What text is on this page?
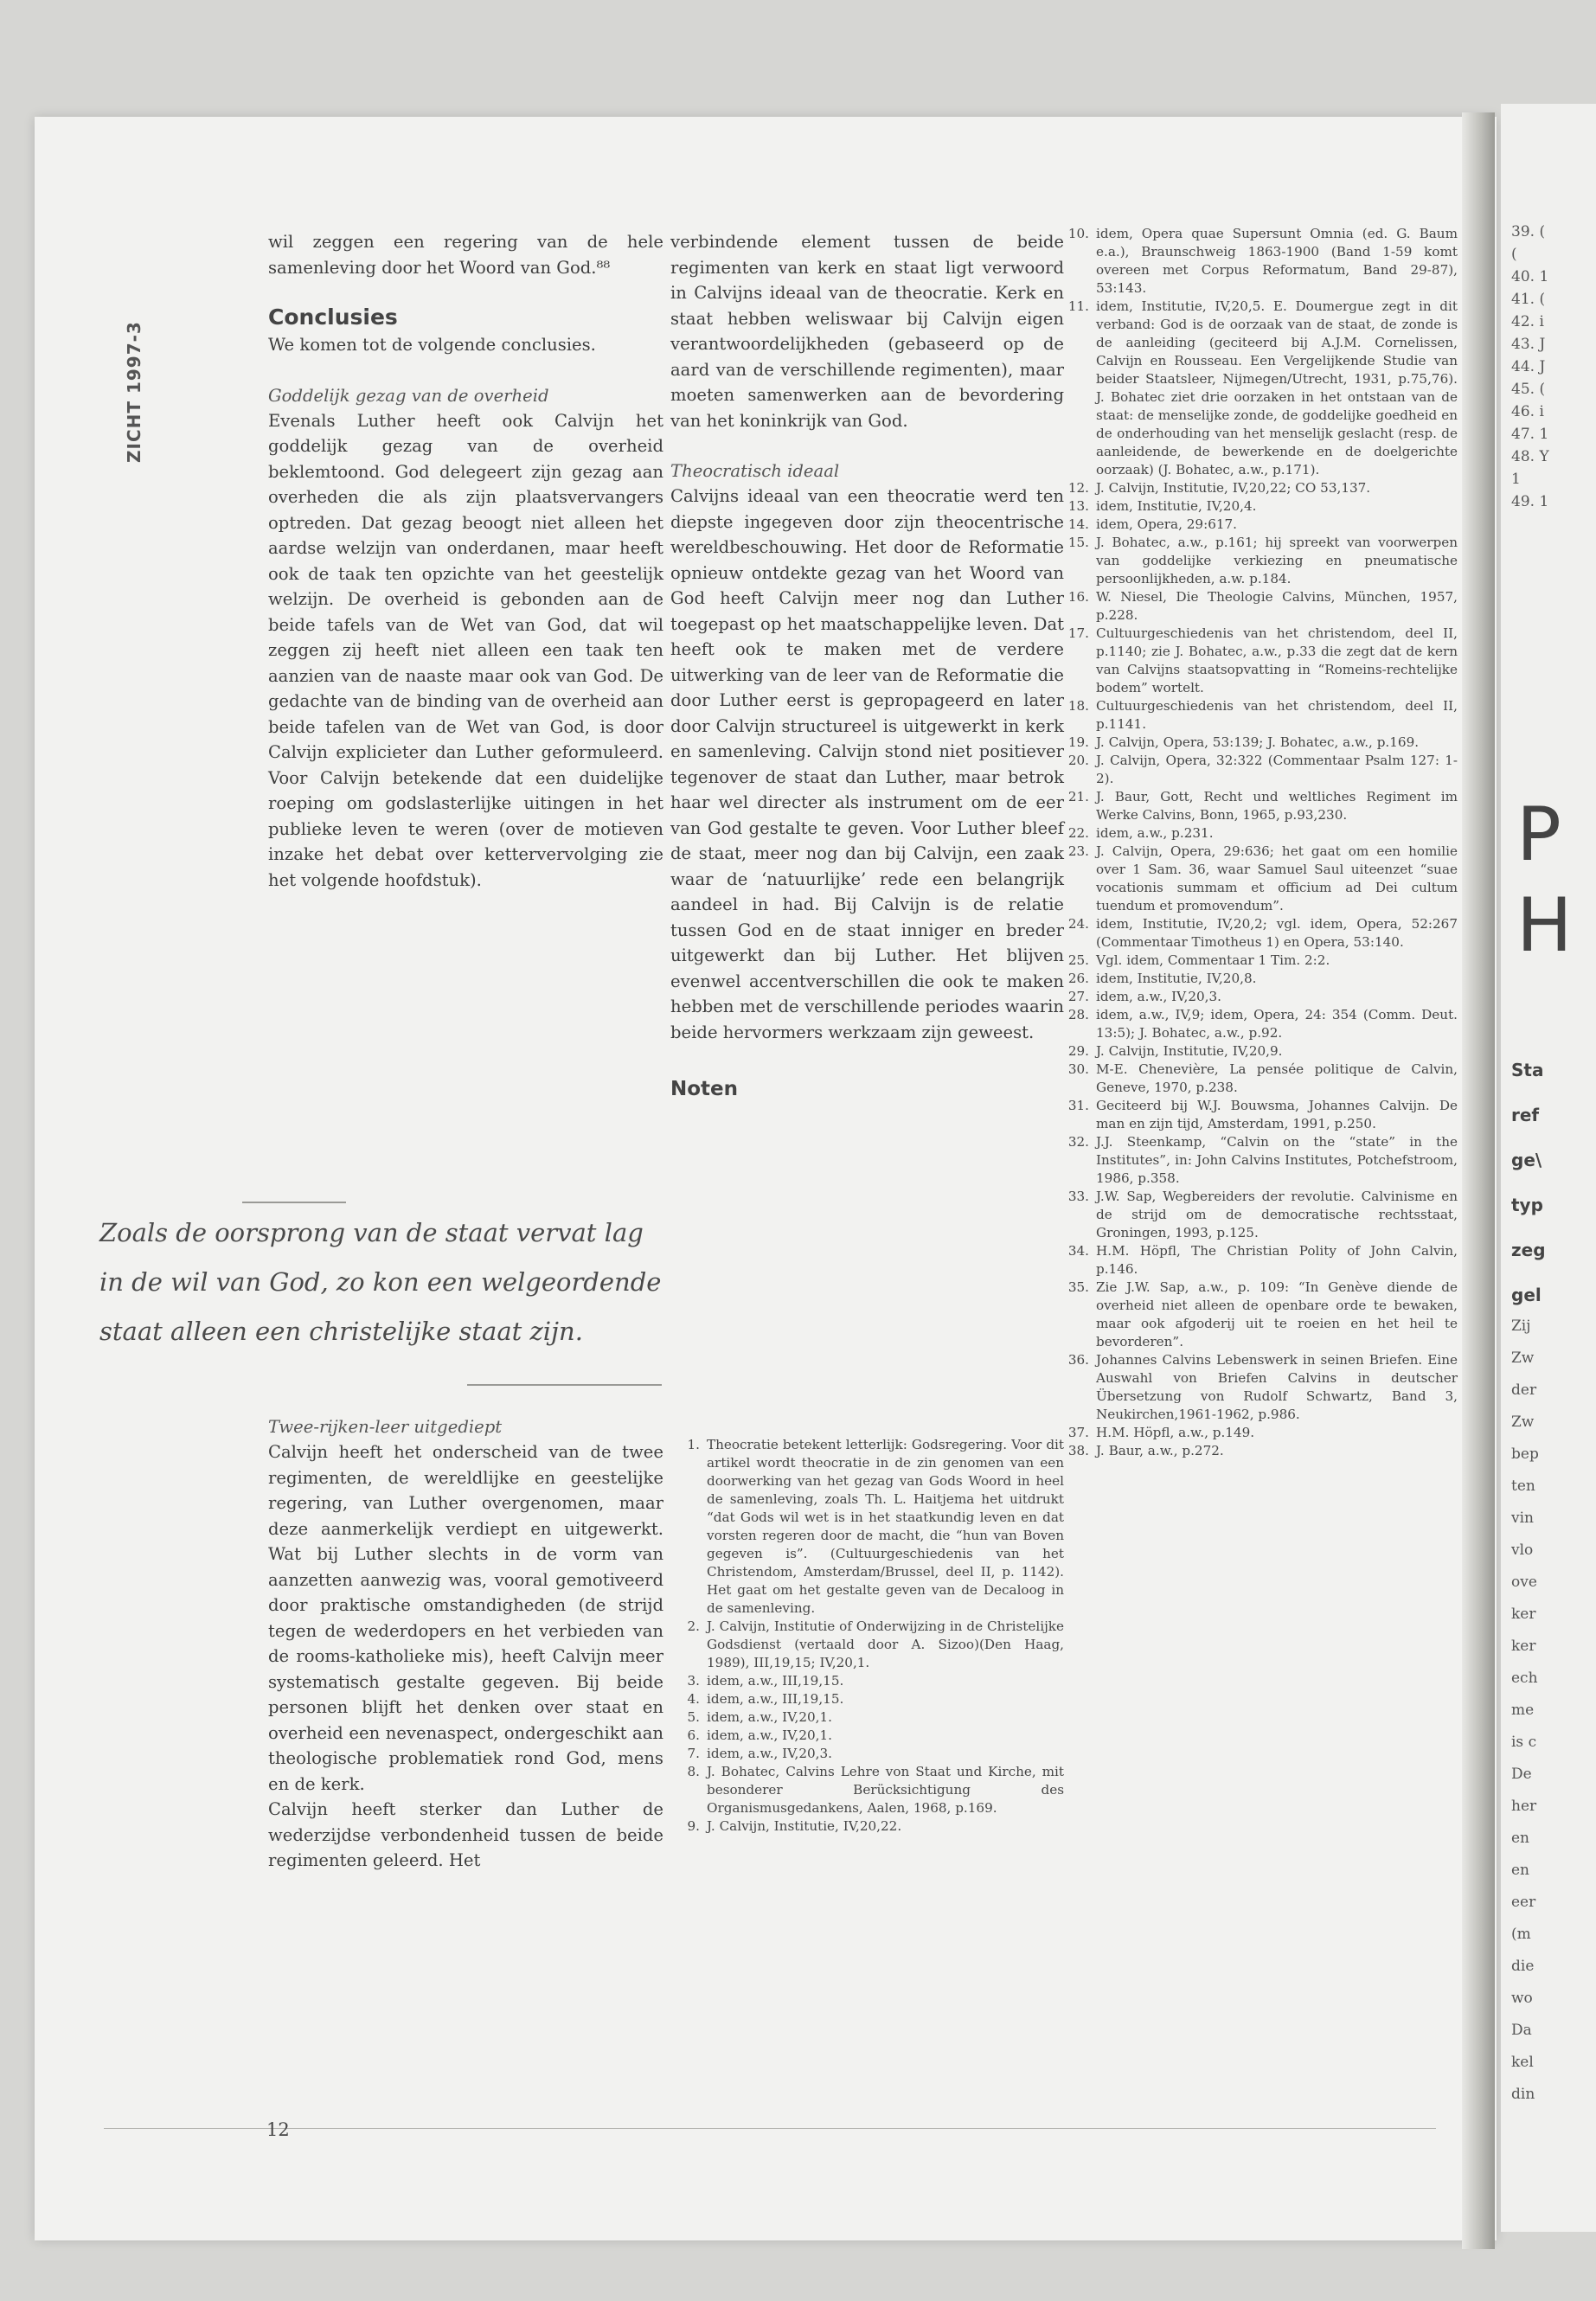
ZICHT 1997-3

wil zeggen een regering van de hele samenleving door het Woord van God.⁸⁸

Conclusies

We komen tot de volgende conclusies.

Goddelijk gezag van de overheid

Evenals Luther heeft ook Calvijn het goddelijk gezag van de overheid beklemtoond. God delegeert zijn gezag aan overheden die als zijn plaatsvervangers optreden. Dat gezag beoogt niet alleen het aardse welzijn van onderdanen, maar heeft ook de taak ten opzichte van het geestelijk welzijn. De overheid is gebonden aan de beide tafels van de Wet van God, dat wil zeggen zij heeft niet alleen een taak ten aanzien van de naaste maar ook van God. De gedachte van de binding van de overheid aan beide tafelen van de Wet van God, is door Calvijn explicieter dan Luther geformuleerd. Voor Calvijn betekende dat een duidelijke roeping om godslasterlijke uitingen in het publieke leven te weren (over de motieven inzake het debat over kettervervolging zie het volgende hoofdstuk).

Zoals de oorsprong van de staat vervat lag in de wil van God, zo kon een welgeordende staat alleen een christelijke staat zijn.

Twee-rijken-leer uitgediept

Calvijn heeft het onderscheid van de twee regimenten, de wereldlijke en geestelijke regering, van Luther overgenomen, maar deze aanmerkelijk verdiept en uitgewerkt. Wat bij Luther slechts in de vorm van aanzetten aanwezig was, vooral gemotiveerd door praktische omstandigheden (de strijd tegen de wederdopers en het verbieden van de rooms-katholieke mis), heeft Calvijn meer systematisch gestalte gegeven. Bij beide personen blijft het denken over staat en overheid een nevenaspect, ondergeschikt aan theologische problematiek rond God, mens en de kerk.

Calvijn heeft sterker dan Luther de wederzijdse verbondenheid tussen de beide regimenten geleerd. Het

verbindende element tussen de beide regimenten van kerk en staat ligt verwoord in Calvijns ideaal van de theocratie. Kerk en staat hebben weliswaar bij Calvijn eigen verantwoordelijkheden (gebaseerd op de aard van de verschillende regimenten), maar moeten samenwerken aan de bevordering van het koninkrijk van God.

Theocratisch ideaal

Calvijns ideaal van een theocratie werd ten diepste ingegeven door zijn theocentrische wereldbeschouwing. Het door de Reformatie opnieuw ontdekte gezag van het Woord van God heeft Calvijn meer nog dan Luther toegepast op het maatschappelijke leven. Dat heeft ook te maken met de verdere uitwerking van de leer van de Reformatie die door Luther eerst is gepropageerd en later door Calvijn structureel is uitgewerkt in kerk en samenleving. Calvijn stond niet positiever tegenover de staat dan Luther, maar betrok haar wel directer als instrument om de eer van God gestalte te geven. Voor Luther bleef de staat, meer nog dan bij Calvijn, een zaak waar de ‘natuurlijke’ rede een belangrijk aandeel in had. Bij Calvijn is de relatie tussen God en de staat inniger en breder uitgewerkt dan bij Luther. Het blijven evenwel accentverschillen die ook te maken hebben met de verschillende periodes waarin beide hervormers werkzaam zijn geweest.

Noten
1. Theocratie betekent letterlijk: Godsregering. Voor dit artikel wordt theocratie in de zin genomen van een doorwerking van het gezag van Gods Woord in heel de samenleving, zoals Th. L. Haitjema het uitdrukt “dat Gods wil wet is in het staatkundig leven en dat vorsten regeren door de macht, die “hun van Boven gegeven is”. (Cultuurgeschiedenis van het Christendom, Amsterdam/Brussel, deel II, p. 1142). Het gaat om het gestalte geven van de Decaloog in de samenleving.
2. J. Calvijn, Institutie of Onderwijzing in de Christelijke Godsdienst (vertaald door A. Sizoo)(Den Haag, 1989), III,19,15; IV,20,1.
3. idem, a.w., III,19,15.
4. idem, a.w., III,19,15.
5. idem, a.w., IV,20,1.
6. idem, a.w., IV,20,1.
7. idem, a.w., IV,20,3.
8. J. Bohatec, Calvins Lehre von Staat und Kirche, mit besonderer Berücksichtigung des Organismusgedankens, Aalen, 1968, p.169.
9. J. Calvijn, Institutie, IV,20,22.
10. idem, Opera quae Supersunt Omnia (ed. G. Baum e.a.), Braunschweig 1863-1900 (Band 1-59 komt overeen met Corpus Reformatum, Band 29-87), 53:143.
11. idem, Institutie, IV,20,5. E. Doumergue zegt in dit verband: God is de oorzaak van de staat, de zonde is de aanleiding (geciteerd bij A.J.M. Cornelissen, Calvijn en Rousseau. Een Vergelijkende Studie van beider Staatsleer, Nijmegen/Utrecht, 1931, p.75,76). J. Bohatec ziet drie oorzaken in het ontstaan van de staat: de menselijke zonde, de goddelijke goedheid en de onderhouding van het menselijk geslacht (resp. de aanleidende, de bewerkende en de doelgerichte oorzaak) (J. Bohatec, a.w., p.171).
12. J. Calvijn, Institutie, IV,20,22; CO 53,137.
13. idem, Institutie, IV,20,4.
14. idem, Opera, 29:617.
15. J. Bohatec, a.w., p.161; hij spreekt van voorwerpen van goddelijke verkiezing en pneumatische persoonlijkheden, a.w. p.184.
16. W. Niesel, Die Theologie Calvins, München, 1957, p.228.
17. Cultuurgeschiedenis van het christendom, deel II, p.1140; zie J. Bohatec, a.w., p.33 die zegt dat de kern van Calvijns staatsopvatting in “Romeins-rechtelijke bodem” wortelt.
18. Cultuurgeschiedenis van het christendom, deel II, p.1141.
19. J. Calvijn, Opera, 53:139; J. Bohatec, a.w., p.169.
20. J. Calvijn, Opera, 32:322 (Commentaar Psalm 127: 1-2).
21. J. Baur, Gott, Recht und weltliches Regiment im Werke Calvins, Bonn, 1965, p.93,230.
22. idem, a.w., p.231.
23. J. Calvijn, Opera, 29:636; het gaat om een homilie over 1 Sam. 36, waar Samuel Saul uiteenzet “suae vocationis summam et officium ad Dei cultum tuendum et promovendum”.
24. idem, Institutie, IV,20,2; vgl. idem, Opera, 52:267 (Commentaar Timotheus 1) en Opera, 53:140.
25. Vgl. idem, Commentaar 1 Tim. 2:2.
26. idem, Institutie, IV,20,8.
27. idem, a.w., IV,20,3.
28. idem, a.w., IV,9; idem, Opera, 24: 354 (Comm. Deut. 13:5); J. Bohatec, a.w., p.92.
29. J. Calvijn, Institutie, IV,20,9.
30. M-E. Chenevière, La pensée politique de Calvin, Geneve, 1970, p.238.
31. Geciteerd bij W.J. Bouwsma, Johannes Calvijn. De man en zijn tijd, Amsterdam, 1991, p.250.
32. J.J. Steenkamp, “Calvin on the “state” in the Institutes”, in: John Calvins Institutes, Potchefstroom, 1986, p.358.
33. J.W. Sap, Wegbereiders der revolutie. Calvinisme en de strijd om de democratische rechtsstaat, Groningen, 1993, p.125.
34. H.M. Höpfl, The Christian Polity of John Calvin, p.146.
35. Zie J.W. Sap, a.w., p. 109: “In Genève diende de overheid niet alleen de openbare orde te bewaken, maar ook afgoderij uit te roeien en het heil te bevorderen”.
36. Johannes Calvins Lebenswerk in seinen Briefen. Eine Auswahl von Briefen Calvins in deutscher Übersetzung von Rudolf Schwartz, Band 3, Neukirchen,1961-1962, p.986.
37. H.M. Höpfl, a.w., p.149.
38. J. Baur, a.w., p.272.
12
39. (
(
40. 1
41. (
42. i
43. J
44. J
45. (
46. i
47. 1
48. Y
1
49. 1
P
H
Sta
ref
ge\
typ
zeg
gel
Zij
Zw
der
Zw
bep
ten
vin
vlo
ove
ker
ker
ech
me
is c
De
her
en
en
eer
(m
die
wo
Da
kel
din
